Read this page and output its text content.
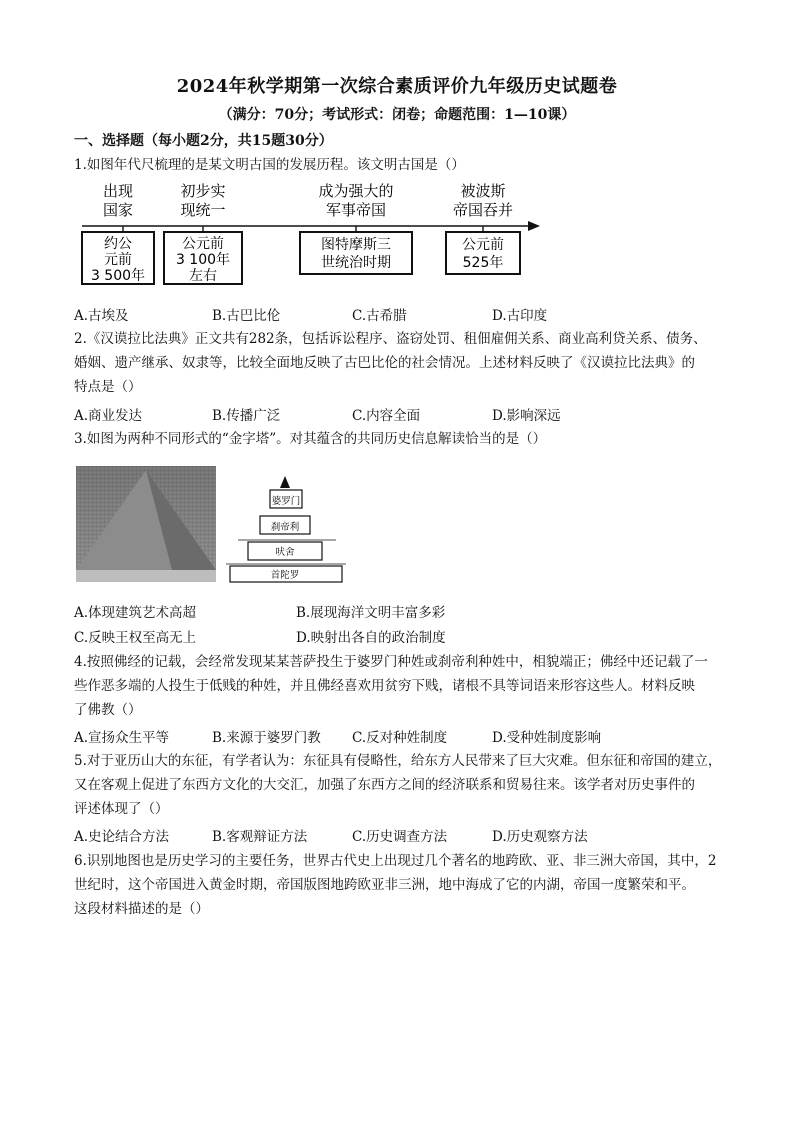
2024年秋学期第一次综合素质评价九年级历史试题卷
（满分：70分；考试形式：闭卷；命题范围：1—10课）
一、选择题（每小题2分，共15题30分）
1.如图年代尺梳理的是某文明古国的发展历程。该文明古国是（）
出现
国家
初步实
现统一
成为强大的
军事帝国
被波斯
帝国吞并
约公
元前
3 500年
公元前
3 100年
左右
图特摩斯三
世统治时期
公元前
525年
A.古埃及	B.古巴比伦	C.古希腊	D.古印度
2.《汉谟拉比法典》正文共有282条，包括诉讼程序、盗窃处罚、租佃雇佣关系、商业高利贷关系、债务、
婚姻、遗产继承、奴隶等，比较全面地反映了古巴比伦的社会情况。上述材料反映了《汉谟拉比法典》的
特点是（）
A.商业发达	B.传播广泛	C.内容全面	D.影响深远
3.如图为两种不同形式的“金字塔”。对其蕴含的共同历史信息解读恰当的是（）
婆罗门
刹帝利
吠舍
首陀罗
A.体现建筑艺术高超	B.展现海洋文明丰富多彩
C.反映王权至高无上	D.映射出各自的政治制度
4.按照佛经的记载，会经常发现某某菩萨投生于婆罗门种姓或刹帝利种姓中，相貌端正；佛经中还记载了一
些作恶多端的人投生于低贱的种姓，并且佛经喜欢用贫穷下贱，诸根不具等词语来形容这些人。材料反映
了佛教（）
A.宣扬众生平等	B.来源于婆罗门教 C.反对种姓制度	D.受种姓制度影响
5.对于亚历山大的东征，有学者认为：东征具有侵略性，给东方人民带来了巨大灾难。但东征和帝国的建立，
又在客观上促进了东西方文化的大交汇，加强了东西方之间的经济联系和贸易往来。该学者对历史事件的
评述体现了（）
A.史论结合方法	B.客观辩证方法	C.历史调查方法	D.历史观察方法
6.识别地图也是历史学习的主要任务，世界古代史上出现过几个著名的地跨欧、亚、非三洲大帝国，其中，2
世纪时，这个帝国进入黄金时期，帝国版图地跨欧亚非三洲，地中海成了它的内湖，帝国一度繁荣和平。
这段材料描述的是（）
